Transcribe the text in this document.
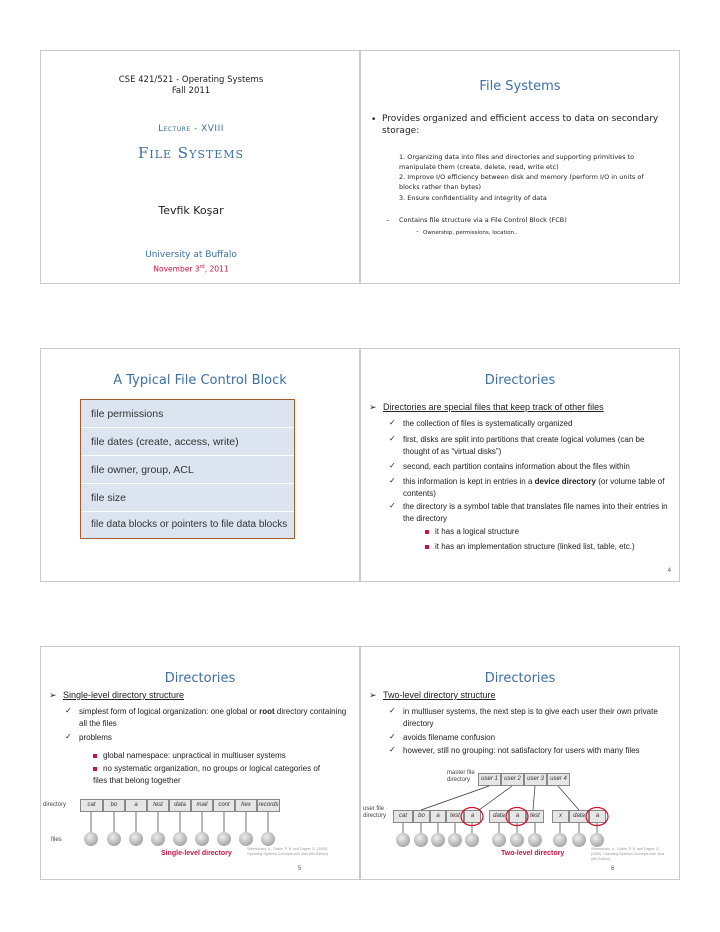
CSE 421/521 - Operating Systems
Fall 2011
Lecture - XVIII
File Systems
Tevfik Koşar
University at Buffalo
November 3rd, 2011
File Systems
• Provides organized and efficient access to data on secondary storage:
1. Organizing data into files and directories and supporting primitives to manipulate them (create, delete, read, write etc)
2. Improve I/O efficiency between disk and memory (perform I/O in units of blocks rather than bytes)
3. Ensure confidentiality and integrity of data
– Contains file structure via a File Control Block (FCB)
– Ownership, permissions, location..
A Typical File Control Block
file permissions
file dates (create, access, write)
file owner, group, ACL
file size
file data blocks or pointers to file data blocks
Directories
➢ Directories are special files that keep track of other files
✓ the collection of files is systematically organized
✓ first, disks are split into partitions that create logical volumes (can be thought of as “virtual disks”)
✓ second, each partition contains information about the files within
✓ this information is kept in entries in a device directory (or volume table of contents)
✓ the directory is a symbol table that translates file names into their entries in the directory
it has a logical structure
it has an implementation structure (linked list, table, etc.)
4
Directories
➢ Single-level directory structure
✓ simplest form of logical organization: one global or root directory containing all the files
✓ problems
global namespace: unpractical in multiuser systems
no systematic organization, no groups or logical categories of files that belong together
directory
files
cat	bo	a	test	data	mail	cont	hex	records
Single-level directory
Silberschatz, A., Galvin, P. B. and Gagne, G. (2005). Operating Systems Concepts with Java (6th Edition).
5
Directories
➢ Two-level directory structure
✓ in multiuser systems, the next step is to give each user their own private directory
✓ avoids filename confusion
✓ however, still no grouping: not satisfactory for users with many files
master file directory	user 1	user 2	user 3	user 4
user file directory	cat	bo	a	test	a	data	a	test	x	data	a
Two-level directory
Silberschatz, A., Galvin, P. B. and Gagne, G. (2005). Operating Systems Concepts with Java (6th Edition).
6
